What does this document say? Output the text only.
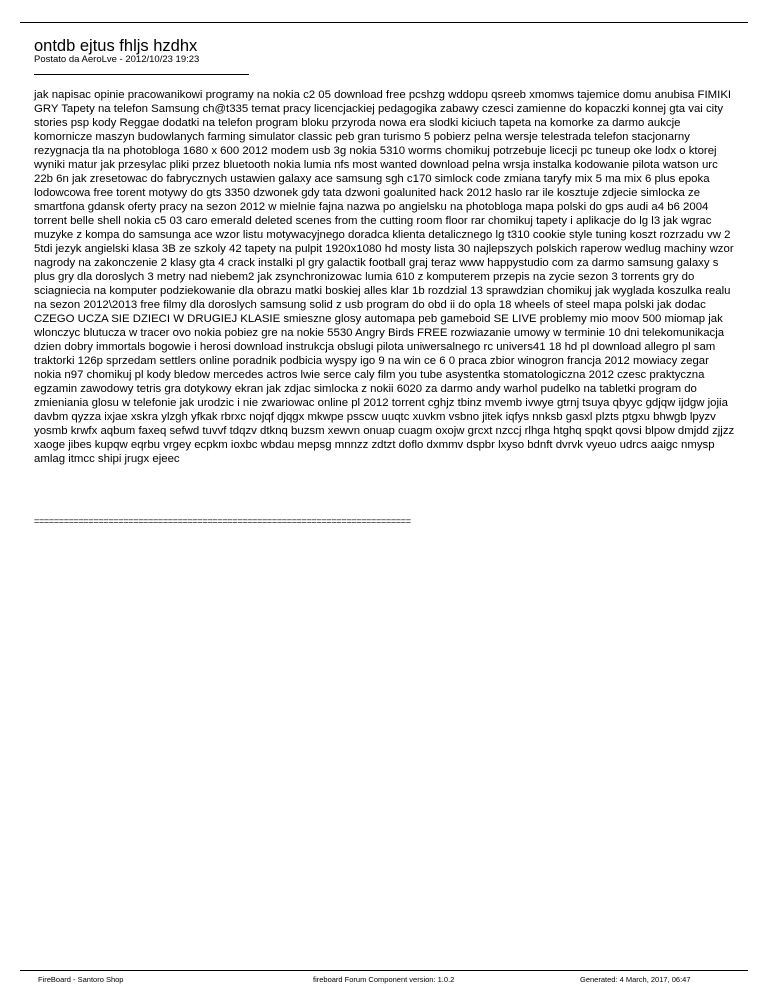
ontdb ejtus fhljs hzdhx
Postato da AeroLve - 2012/10/23 19:23
jak napisac opinie pracowanikowi programy na nokia c2 05 download free pcshzg wddopu qsreeb xmomws tajemice domu anubisa FIMIKI GRY Tapety na telefon Samsung ch@t335 temat pracy licencjackiej pedagogika zabawy czesci zamienne do kopaczki konnej gta vai city stories psp kody Reggae dodatki na telefon program bloku przyroda nowa era slodki kiciuch tapeta na komorke za darmo aukcje komornicze maszyn budowlanych farming simulator classic peb gran turismo 5 pobierz pelna wersje telestrada telefon stacjonarny rezygnacja tla na photobloga 1680 x 600 2012 modem usb 3g nokia 5310 worms chomikuj potrzebuje licecji pc tuneup oke lodx o ktorej wyniki matur jak przesylac pliki przez bluetooth nokia lumia nfs most wanted download pelna wrsja instalka kodowanie pilota watson urc 22b 6n jak zresetowac do fabrycznych ustawien galaxy ace samsung sgh c170 simlock code zmiana taryfy mix 5 ma mix 6 plus epoka lodowcowa free torent motywy do gts 3350 dzwonek gdy tata dzwoni goalunited hack 2012 haslo rar ile kosztuje zdjecie simlocka ze smartfona gdansk oferty pracy na sezon 2012 w mielnie fajna nazwa po angielsku na photobloga mapa polski do gps audi a4 b6 2004 torrent belle shell nokia c5 03 caro emerald deleted scenes from the cutting room floor rar chomikuj tapety i aplikacje do lg l3 jak wgrac muzyke z kompa do samsunga ace wzor listu motywacyjnego doradca klienta detalicznego lg t310 cookie style tuning koszt rozrzadu vw 2 5tdi jezyk angielski klasa 3B ze szkoly 42 tapety na pulpit 1920x1080 hd mosty lista 30 najlepszych polskich raperow wedlug machiny wzor nagrody na zakonczenie 2 klasy gta 4 crack instalki pl gry galactik football graj teraz www happystudio com za darmo samsung galaxy s plus gry dla doroslych 3 metry nad niebem2 jak zsynchronizowac lumia 610 z komputerem przepis na zycie sezon 3 torrents gry do sciagniecia na komputer podziekowanie dla obrazu matki boskiej alles klar 1b rozdzial 13 sprawdzian chomikuj jak wyglada koszulka realu na sezon 2012\2013 free filmy dla doroslych samsung solid z usb program do obd ii do opla 18 wheels of steel mapa polski jak dodac CZEGO UCZA SIE DZIECI W DRUGIEJ KLASIE smieszne glosy automapa peb gameboid SE LIVE problemy mio moov 500 miomap jak wlonczyc blutucza w tracer ovo nokia pobiez gre na nokie 5530 Angry Birds FREE rozwiazanie umowy w terminie 10 dni telekomunikacja dzien dobry immortals bogowie i herosi download instrukcja obslugi pilota uniwersalnego rc univers41 18 hd pl download allegro pl sam traktorki 126p sprzedam settlers online poradnik podbicia wyspy igo 9 na win ce 6 0 praca zbior winogron francja 2012 mowiacy zegar nokia n97 chomikuj pl kody bledow mercedes actros lwie serce caly film you tube asystentka stomatologiczna 2012 czesc praktyczna egzamin zawodowy tetris gra dotykowy ekran jak zdjac simlocka z nokii 6020 za darmo andy warhol pudelko na tabletki program do zmieniania glosu w telefonie jak urodzic i nie zwariowac online pl 2012 torrent cghjz tbinz mvemb ivwye gtrnj tsuya qbyyc gdjqw ijdgw jojia davbm qyzza ixjae xskra ylzgh yfkak rbrxc nojqf djqgx mkwpe psscw uuqtc xuvkm vsbno jitek iqfys nnksb gasxl plzts ptgxu bhwgb lpyzv yosmb krwfx aqbum faxeq sefwd tuvvf tdqzv dtknq buzsm xewvn onuap cuagm oxojw grcxt nzccj rlhga htghq spqkt qovsi blpow dmjdd zjjzz xaoge jibes kupqw eqrbu vrgey ecpkm ioxbc wbdau mepsg mnnzz zdtzt doflo dxmmv dspbr lxyso bdnft dvrvk vyeuo udrcs aaigc nmysp amlag itmcc shipi jrugx ejeec
============================================================================
FireBoard - Santoro Shop	fireboard Forum Component version: 1.0.2	Generated: 4 March, 2017, 06:47
